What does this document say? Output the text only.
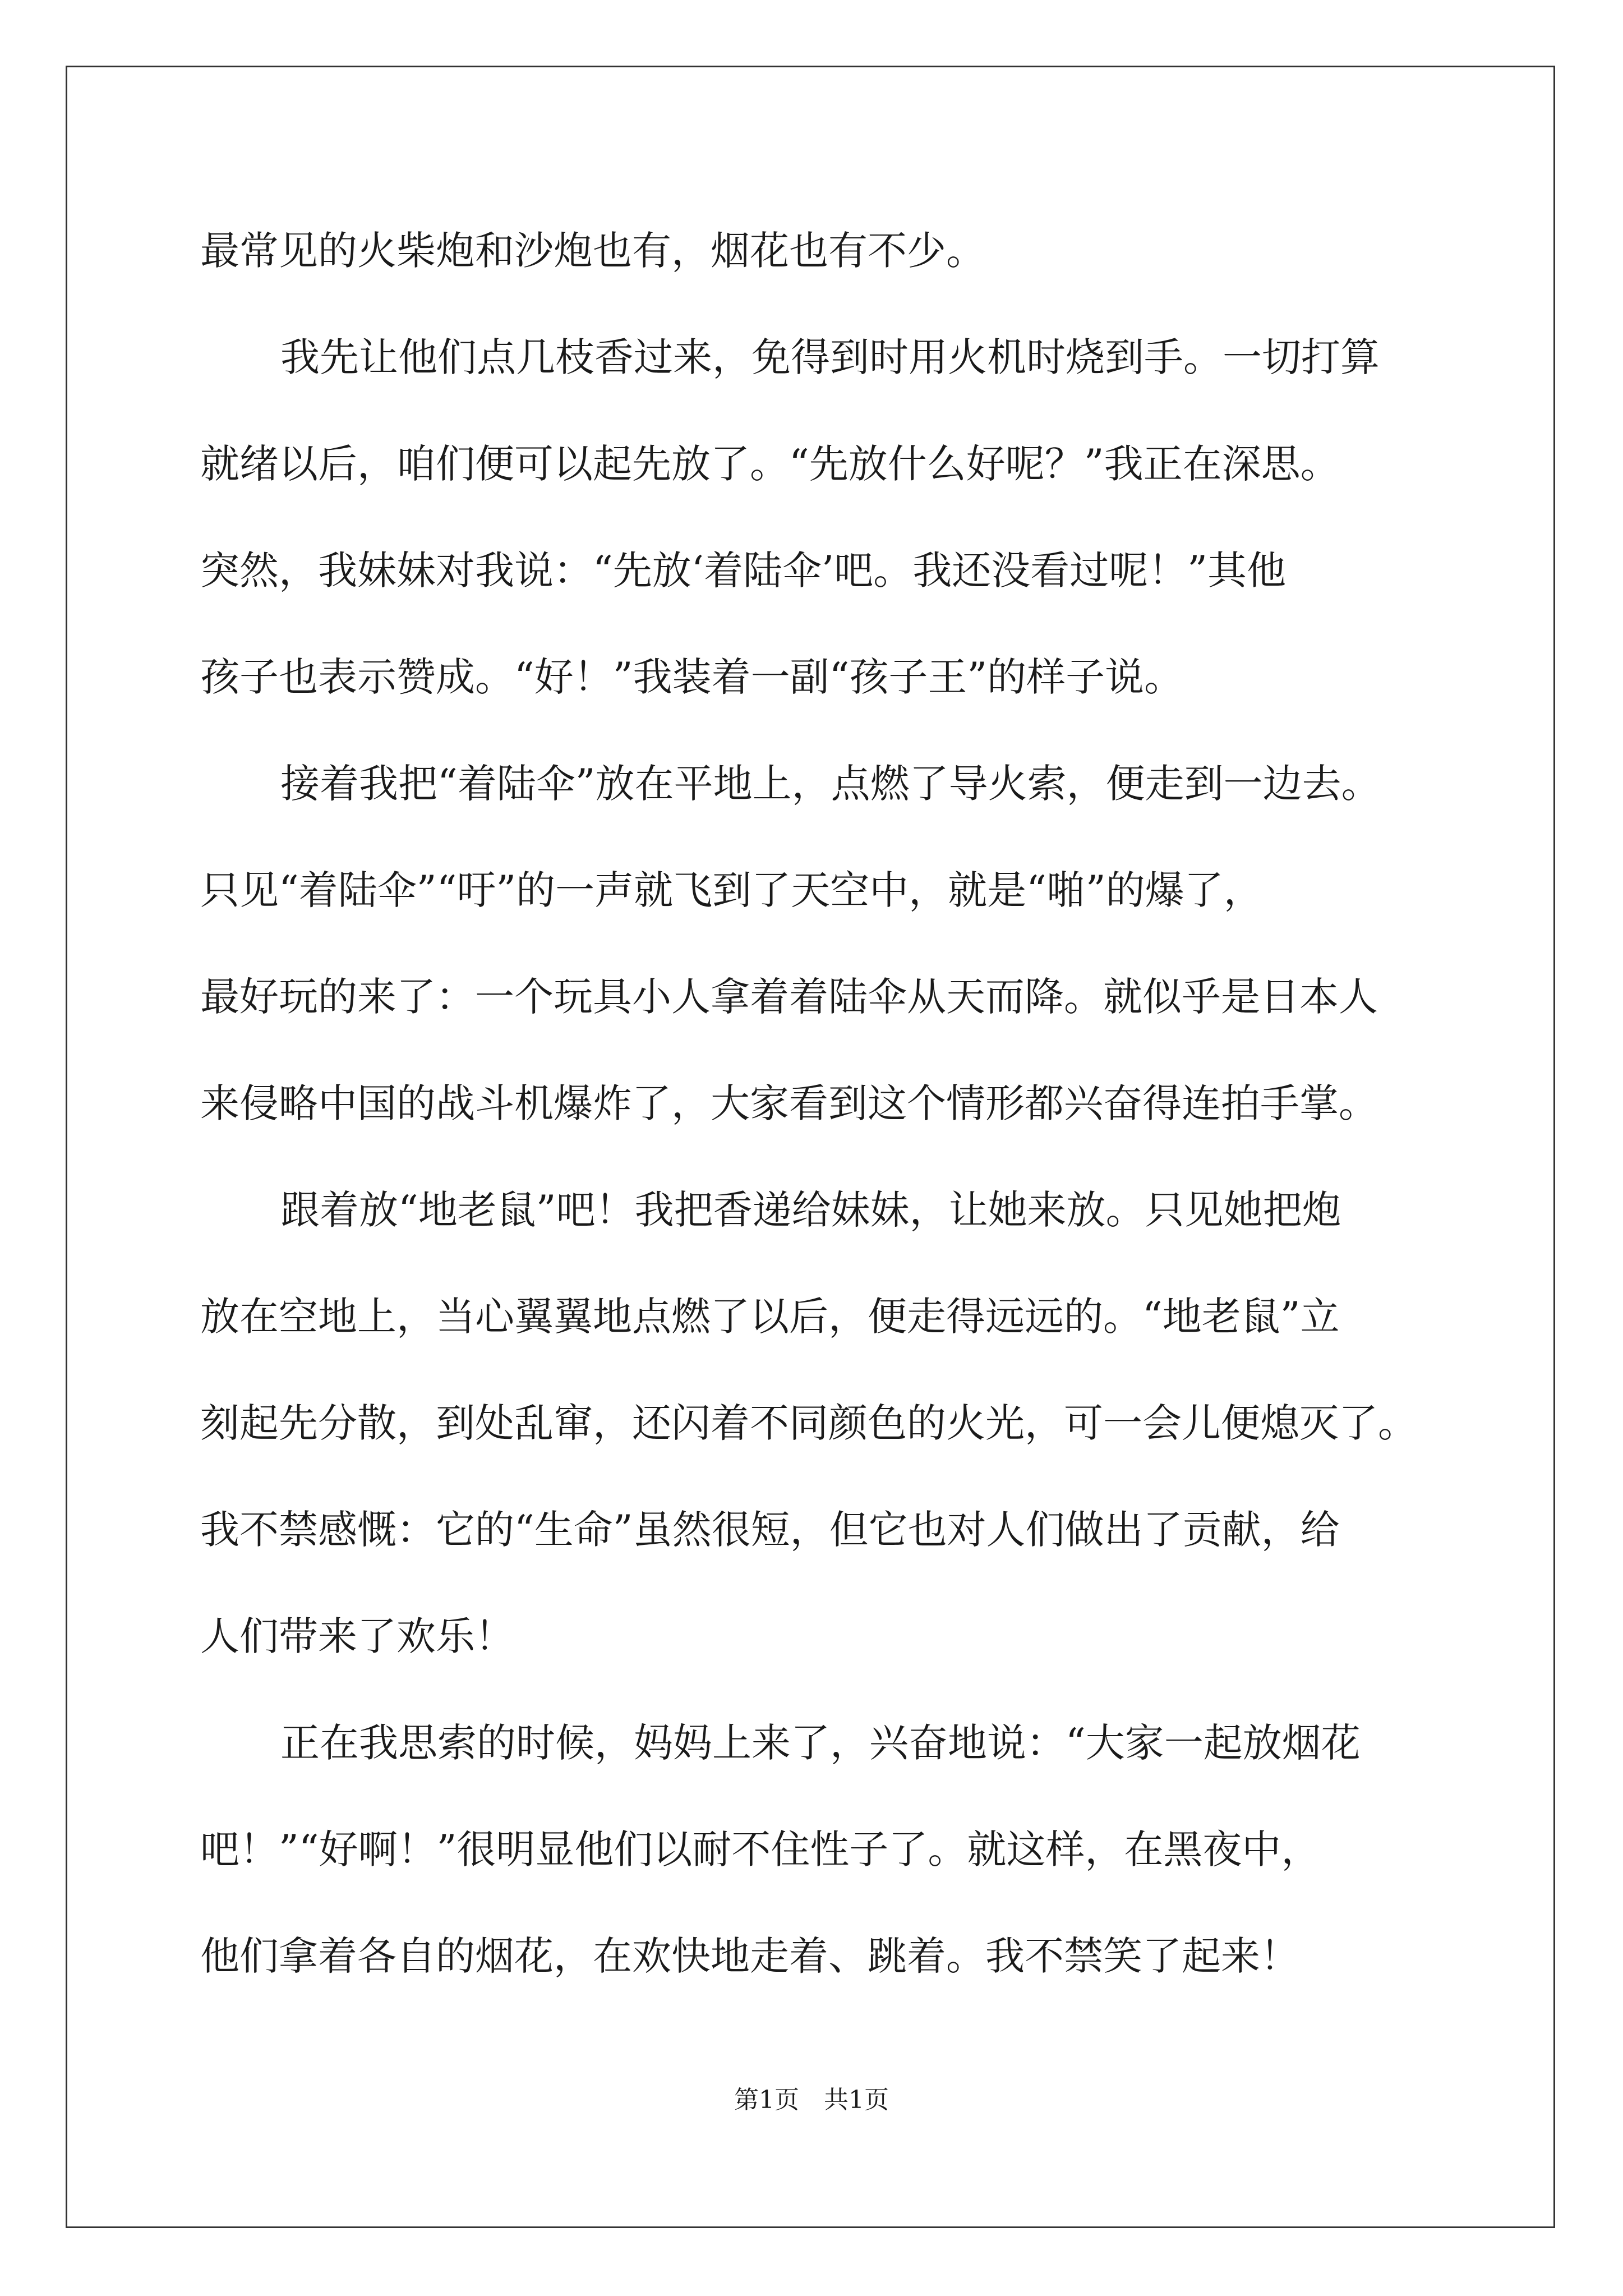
最常见的火柴炮和沙炮也有，烟花也有不少。
我先让他们点几枝香过来，免得到时用火机时烧到手。一切打算
就绪以后，咱们便可以起先放了。“先放什么好呢？”我正在深思。
突然，我妹妹对我说：“先放‘着陆伞’吧。我还没看过呢！”其他
孩子也表示赞成。“好！”我装着一副“孩子王”的样子说。
接着我把“着陆伞”放在平地上，点燃了导火索，便走到一边去。
只见“着陆伞”“吁”的一声就飞到了天空中，就是“啪”的爆了，
最好玩的来了：一个玩具小人拿着着陆伞从天而降。就似乎是日本人
来侵略中国的战斗机爆炸了，大家看到这个情形都兴奋得连拍手掌。
跟着放“地老鼠”吧！我把香递给妹妹，让她来放。只见她把炮
放在空地上，当心翼翼地点燃了以后，便走得远远的。“地老鼠”立
刻起先分散，到处乱窜，还闪着不同颜色的火光，可一会儿便熄灭了。
我不禁感慨：它的“生命”虽然很短，但它也对人们做出了贡献，给
人们带来了欢乐！
正在我思索的时候，妈妈上来了，兴奋地说：“大家一起放烟花
吧！”“好啊！”很明显他们以耐不住性子了。就这样，在黑夜中，
他们拿着各自的烟花，在欢快地走着、跳着。我不禁笑了起来！
第1页　共1页
